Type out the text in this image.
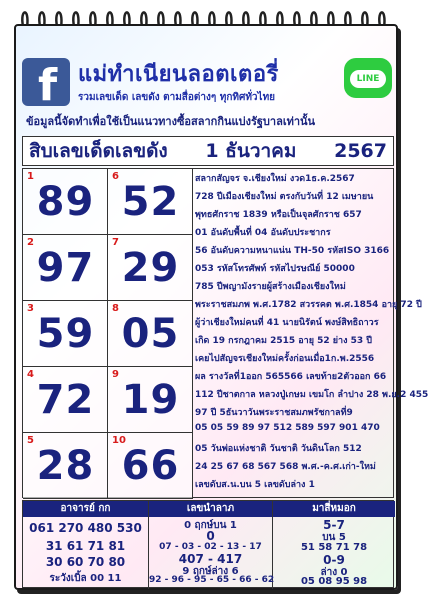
f แม่ทำเนียนลอตเตอรี่
รวมเลขเด็ด เลขดัง ตามสื่อต่างๆ ทุกทิศทั่วไทย
ข้อมูลนี้จัดทำเพื่อใช้เป็นแนวทางซื้อสลากกินแบ่งรัฐบาลเท่านั้น
LINE
สิบเลขเด็ดเลขดัง 1 ธันวาคม 2567
1
89
6
52
2
97
7
29
3
59
8
05
4
72
9
19
5
28
10
66
สลากสัญจร จ.เชียงใหม่ งวด1ธ.ค.2567
728 ปีเมืองเชียงใหม่ ตรงกับวันที่ 12 เมษายน
พุทธศักราช 1839 หรือเป็นจุลศักราช 657
01 อันดับพื้นที่ 04 อันดับประชากร
56 อันดับความหนาแน่น TH-50 รหัสISO 3166
053 รหัสโทรศัพท์ รหัสไปรษณีย์ 50000
785 ปีพญามังรายผู้สร้างเมืองเชียงใหม่
พระราชสมภพ พ.ศ.1782 สวรรคต พ.ศ.1854 อายุ 72 ปี
ผู้ว่าเชียงใหม่คนที่ 41 นายนิรัตน์ พงษ์สิทธิถาวร
เกิด 19 กรกฎาคม 2515 อายุ 52 ย่าง 53 ปี
เคยไปสัญจรเชียงใหม่ครั้งก่อนเมื่อ1ก.พ.2556
ผล รางวัลที่1ออก 565566 เลขท้าย2ตัวออก 66
112 ปีชาตกาล หลวงปู่เกษม เขมโก ลำปาง 28 พ.ย.2 455
97 ปี 5ธันวาวันพระราชสมภพรัชกาลที่9
05 05 59 89 97 512 589 597 901 470
05 วันพ่อแห่งชาติ วันชาติ วันดินโลก 512
24 25 67 68 567 568 พ.ศ.-ค.ศ.เก่า-ใหม่
เลขดับส.น.บน 5 เลขดับล่าง 1
อาจารย์ กก
061 270 480 530
31 61 71 81
30 60 70 80
ระวังเบิ้ล 00 11
เลขนำลาภ
0 ฤกษ์บน 1
0
07 - 03 - 02 - 13 - 17
407 - 417
9 ฤกษ์ล่าง 6
92 - 96 - 95 - 65 - 66 - 62
มาสี่หมอก
5-7
บน 5
51 58 71 78
0-9
ล่าง 0
05 08 95 98
